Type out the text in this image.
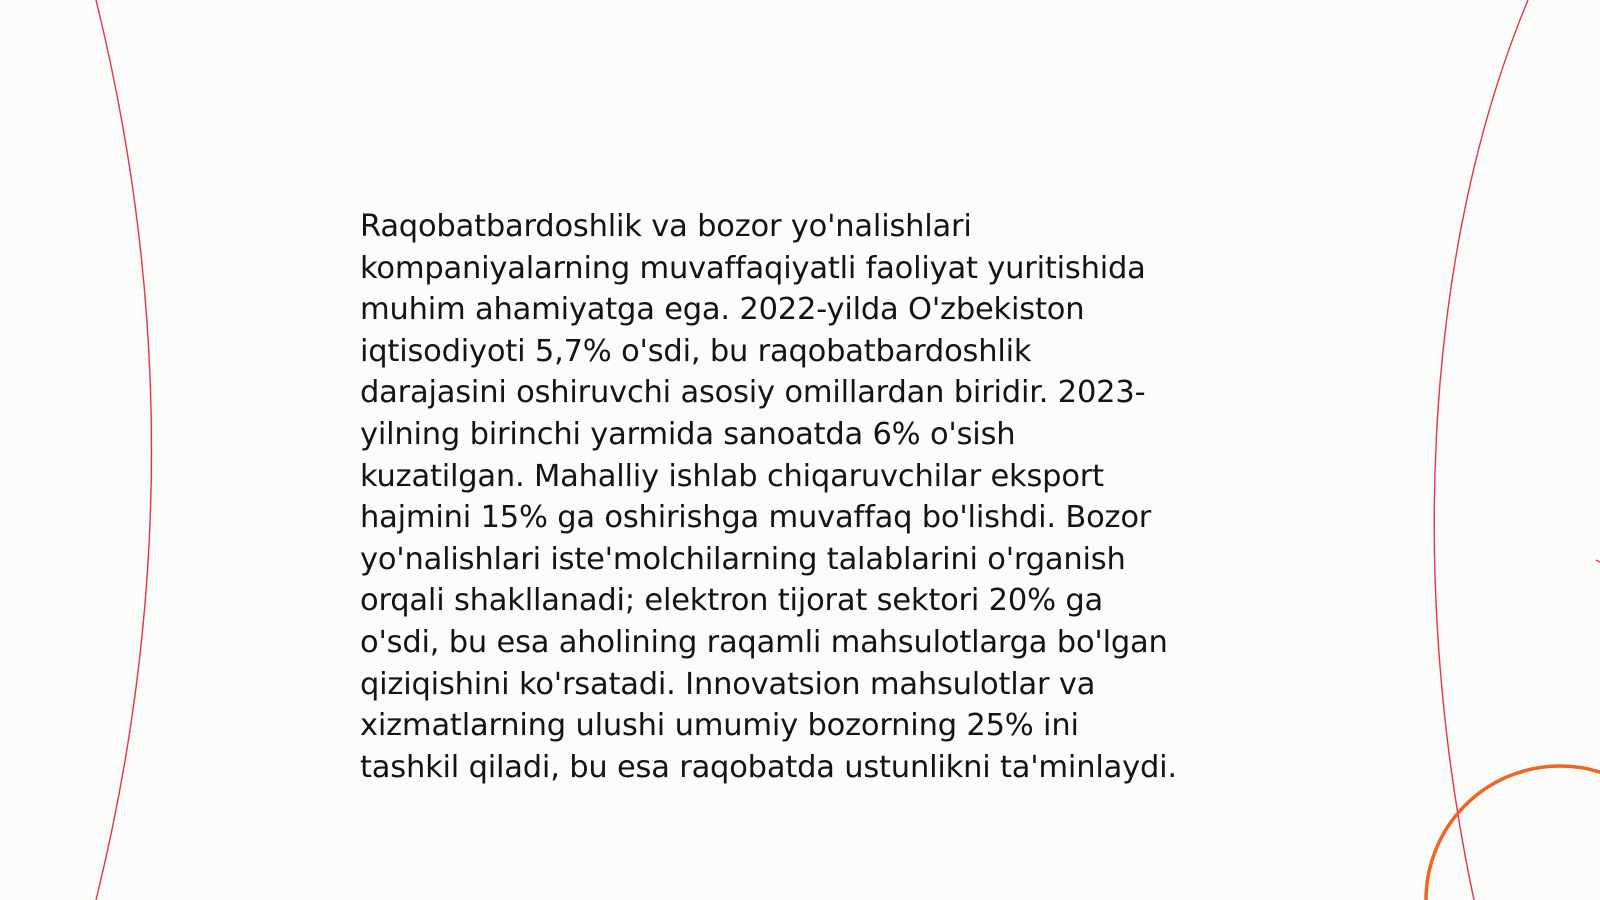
Raqobatbardoshlik va bozor yo'nalishlari
kompaniyalarning muvaffaqiyatli faoliyat yuritishida
muhim ahamiyatga ega. 2022-yilda O'zbekiston
iqtisodiyoti 5,7% o'sdi, bu raqobatbardoshlik
darajasini oshiruvchi asosiy omillardan biridir. 2023-
yilning birinchi yarmida sanoatda 6% o'sish
kuzatilgan. Mahalliy ishlab chiqaruvchilar eksport
hajmini 15% ga oshirishga muvaffaq bo'lishdi. Bozor
yo'nalishlari iste'molchilarning talablarini o'rganish
orqali shakllanadi; elektron tijorat sektori 20% ga
o'sdi, bu esa aholining raqamli mahsulotlarga bo'lgan
qiziqishini ko'rsatadi. Innovatsion mahsulotlar va
xizmatlarning ulushi umumiy bozorning 25% ini
tashkil qiladi, bu esa raqobatda ustunlikni ta'minlaydi.
